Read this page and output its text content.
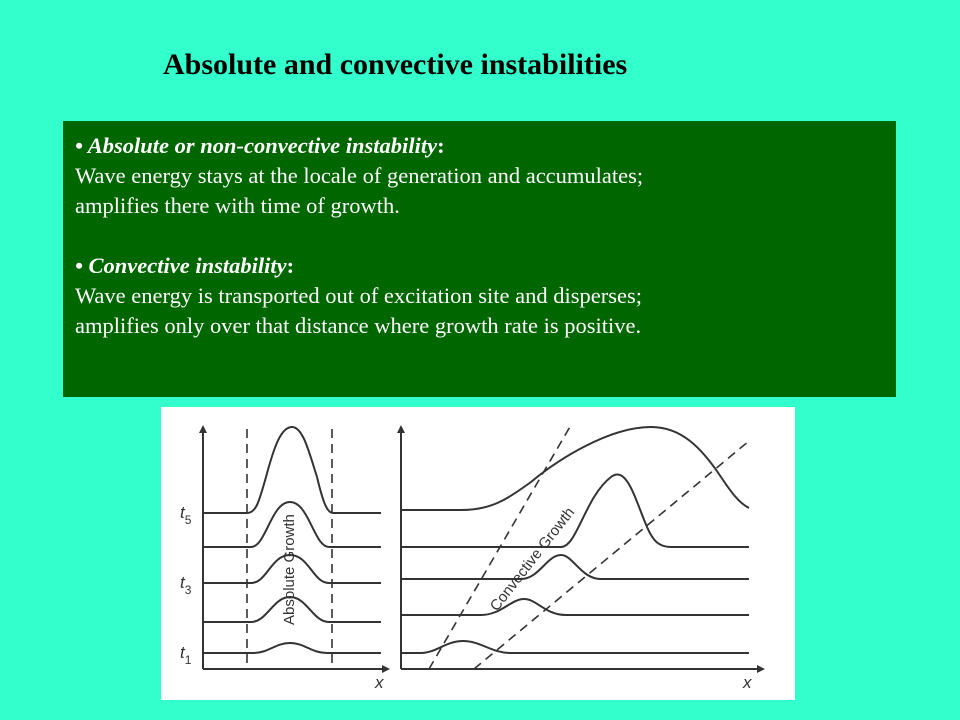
Absolute and convective instabilities
• Absolute or non-convective instability:
Wave energy stays at the locale of generation and accumulates;
amplifies there with time of growth.
• Convective instability:
Wave energy is transported out of excitation site and disperses;
amplifies only over that distance where growth rate is positive.
Absolute Growth
$t_5$
$t_3$
$t_1$
x
Convective Growth
x
